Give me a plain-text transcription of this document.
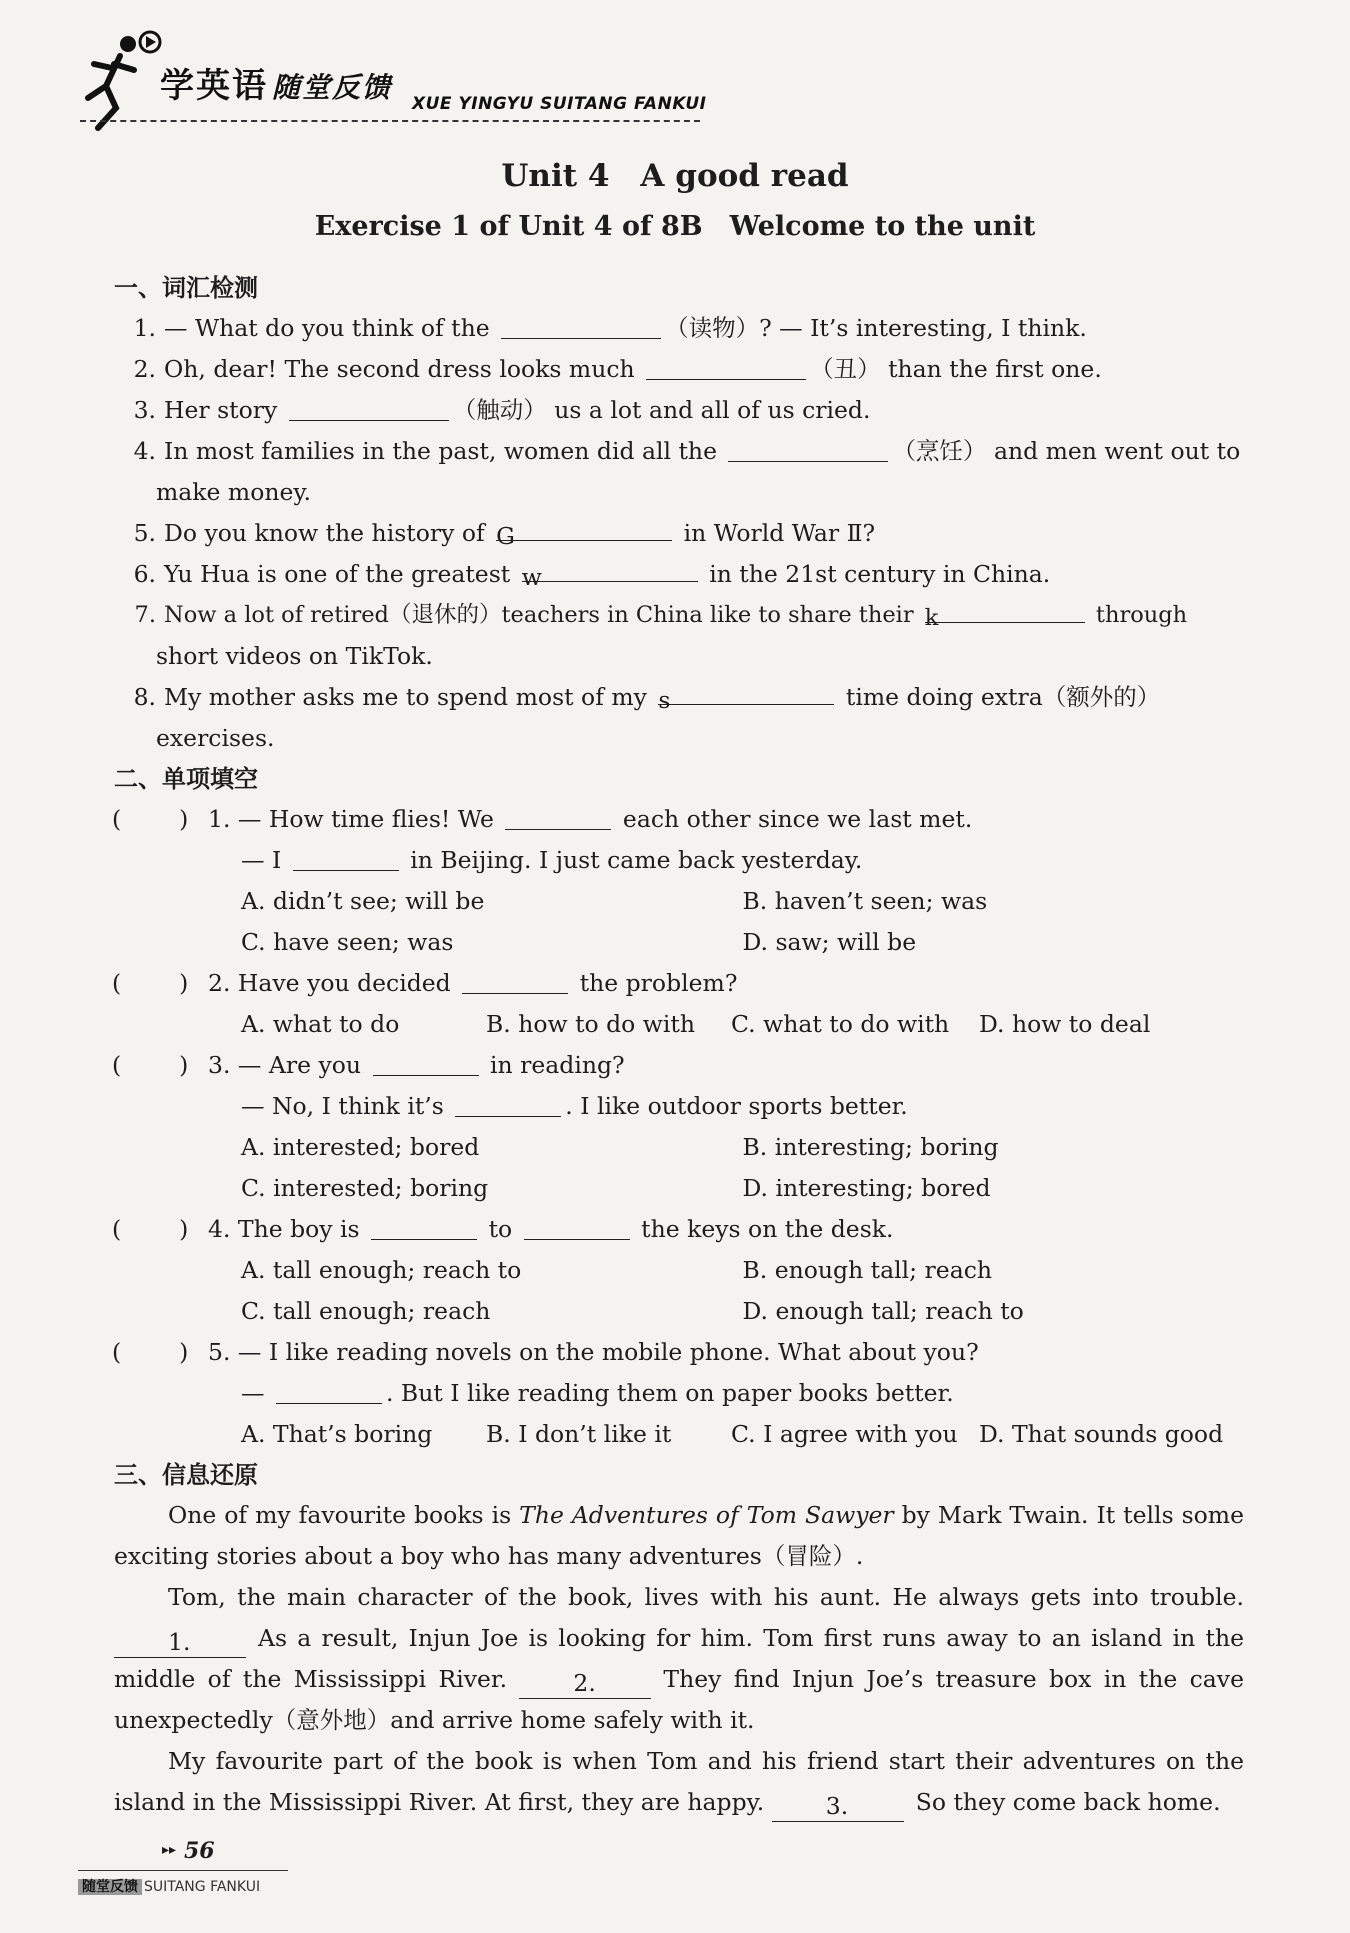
学英语 随堂反馈 XUE YINGYU SUITANG FANKUI
Unit 4　A good read
Exercise 1 of Unit 4 of 8B　Welcome to the unit
一、词汇检测
1. — What do you think of the	（读物）? — It’s interesting, I think.
2. Oh, dear! The second dress looks much	（丑） than the first one.
3. Her story	（触动） us a lot and all of us cried.
4. In most families in the past, women did all the	（烹饪） and men went out to
make money.
5. Do you know the history of G	in World War Ⅱ?
6. Yu Hua is one of the greatest w	in the 21st century in China.
7. Now a lot of retired（退休的）teachers in China like to share their k	through
short videos on TikTok.
8. My mother asks me to spend most of my s	time doing extra（额外的）
exercises.
二、单项填空
( ) 1. — How time flies! We	each other since we last met.
— I	in Beijing. I just came back yesterday.
A. didn’t see; will be	B. haven’t seen; was
C. have seen; was	D. saw; will be
( ) 2. Have you decided	the problem?
A. what to do	B. how to do with	C. what to do with	D. how to deal
( ) 3. — Are you	in reading?
— No, I think it’s	. I like outdoor sports better.
A. interested; bored	B. interesting; boring
C. interested; boring	D. interesting; bored
( ) 4. The boy is	to	the keys on the desk.
A. tall enough; reach to	B. enough tall; reach
C. tall enough; reach	D. enough tall; reach to
( ) 5. — I like reading novels on the mobile phone. What about you?
—	. But I like reading them on paper books better.
A. That’s boring	B. I don’t like it	C. I agree with you D. That sounds good
三、信息还原

One of my favourite books is The Adventures of Tom Sawyer by Mark Twain. It tells some exciting stories about a boy who has many adventures（冒险）.

Tom, the main character of the book, lives with his aunt. He always gets into trouble. 1.	As a result, Injun Joe is looking for him. Tom first runs away to an island in the middle of the Mississippi River.	2.	They find Injun Joe’s treasure box in the cave unexpectedly（意外地）and arrive home safely with it.

My favourite part of the book is when Tom and his friend start their adventures on the island in the Mississippi River. At first, they are happy.	3.	So they come back home.

▸▸ 56
随堂反馈 SUITANG FANKUI
